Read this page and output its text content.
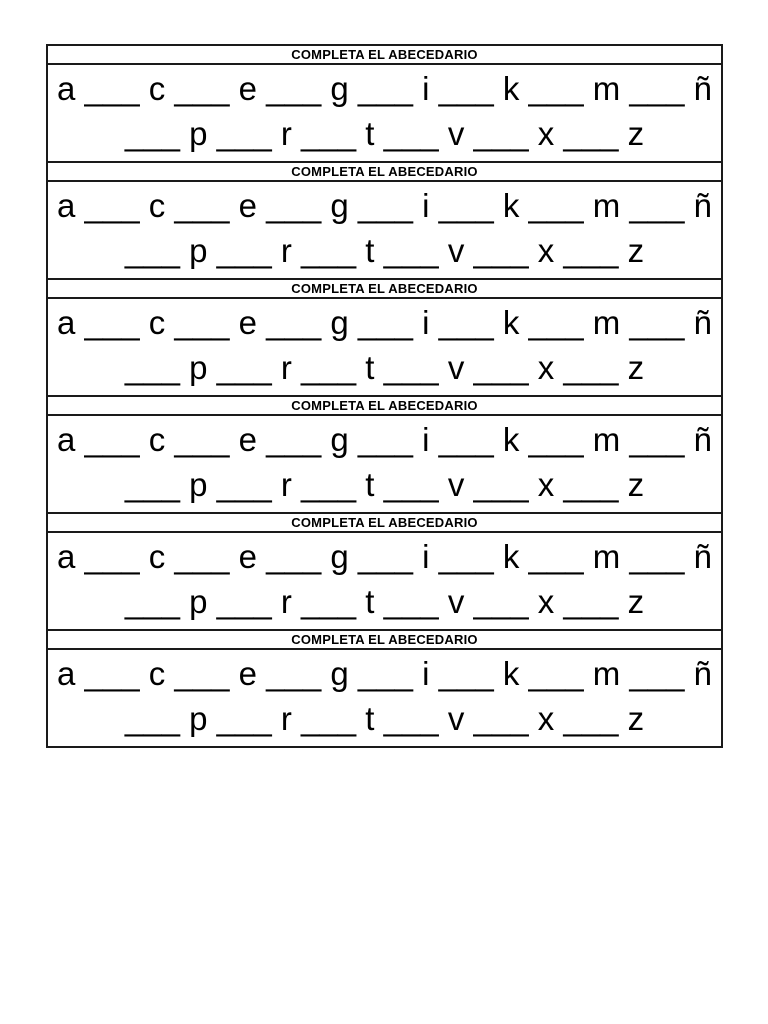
COMPLETA EL ABECEDARIO
a ___ c ___ e ___ g ___ i ___ k ___ m ___ ñ
___ p ___ r ___ t ___ v ___ x ___ z
COMPLETA EL ABECEDARIO
a ___ c ___ e ___ g ___ i ___ k ___ m ___ ñ
___ p ___ r ___ t ___ v ___ x ___ z
COMPLETA EL ABECEDARIO
a ___ c ___ e ___ g ___ i ___ k ___ m ___ ñ
___ p ___ r ___ t ___ v ___ x ___ z
COMPLETA EL ABECEDARIO
a ___ c ___ e ___ g ___ i ___ k ___ m ___ ñ
___ p ___ r ___ t ___ v ___ x ___ z
COMPLETA EL ABECEDARIO
a ___ c ___ e ___ g ___ i ___ k ___ m ___ ñ
___ p ___ r ___ t ___ v ___ x ___ z
COMPLETA EL ABECEDARIO
a ___ c ___ e ___ g ___ i ___ k ___ m ___ ñ
___ p ___ r ___ t ___ v ___ x ___ z
